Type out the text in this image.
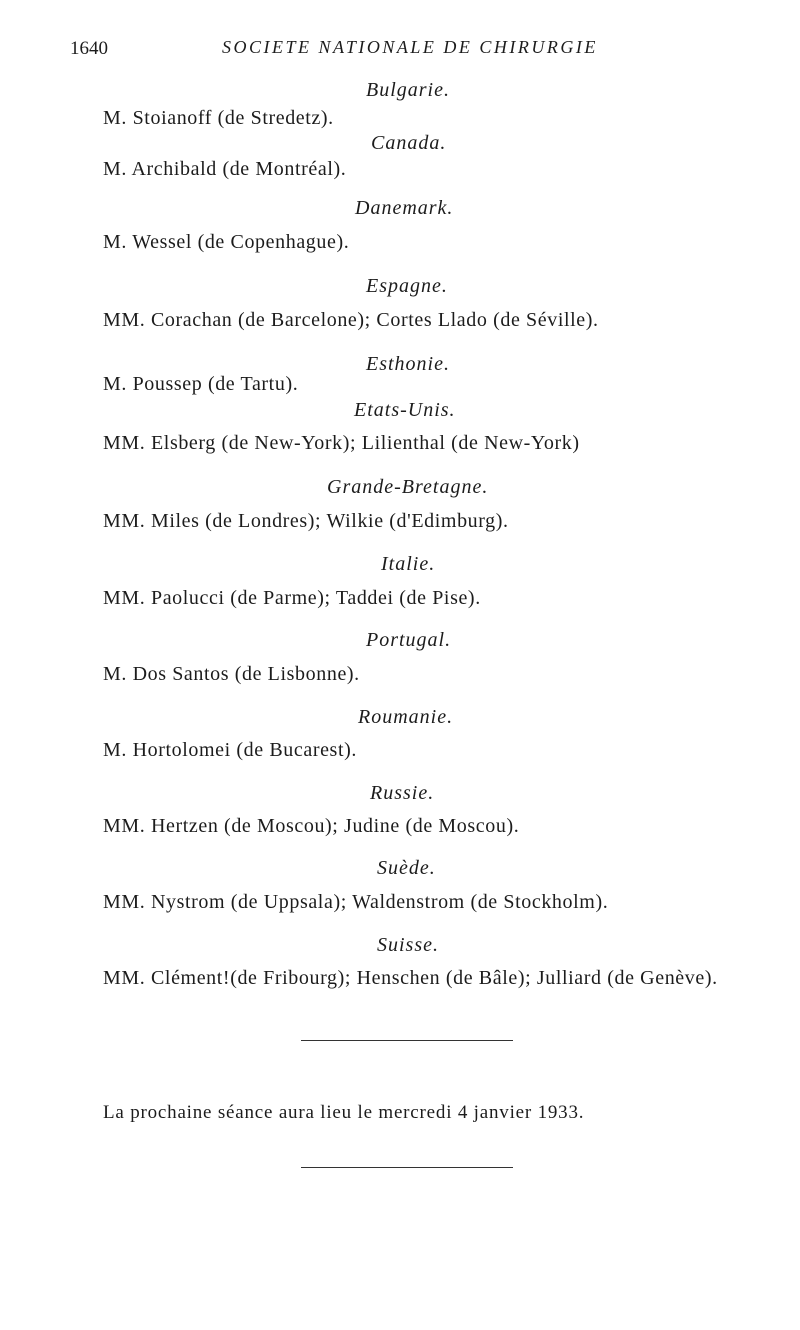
1640	SOCIETE NATIONALE DE CHIRURGIE
Bulgarie.
M. Stoianoff (de Stredetz).
Canada.
M. Archibald (de Montréal).
Danemark.
M. Wessel (de Copenhague).
Espagne.
MM. Corachan (de Barcelone); Cortes Llado (de Séville).
Esthonie.
M. Poussep (de Tartu).
Etats-Unis.
MM. Elsberg (de New-York); Lilienthal (de New-York)
Grande-Bretagne.
MM. Miles (de Londres); Wilkie (d'Edimburg).
Italie.
MM. Paolucci (de Parme); Taddei (de Pise).
Portugal.
M. Dos Santos (de Lisbonne).
Roumanie.
M. Hortolomei (de Bucarest).
Russie.
MM. Hertzen (de Moscou); Judine (de Moscou).
Suède.
MM. Nystrom (de Uppsala); Waldenstrom (de Stockholm).
Suisse.
MM. Clément!(de Fribourg); Henschen (de Bâle); Julliard (de Genève).
La prochaine séance aura lieu le mercredi 4 janvier 1933.
